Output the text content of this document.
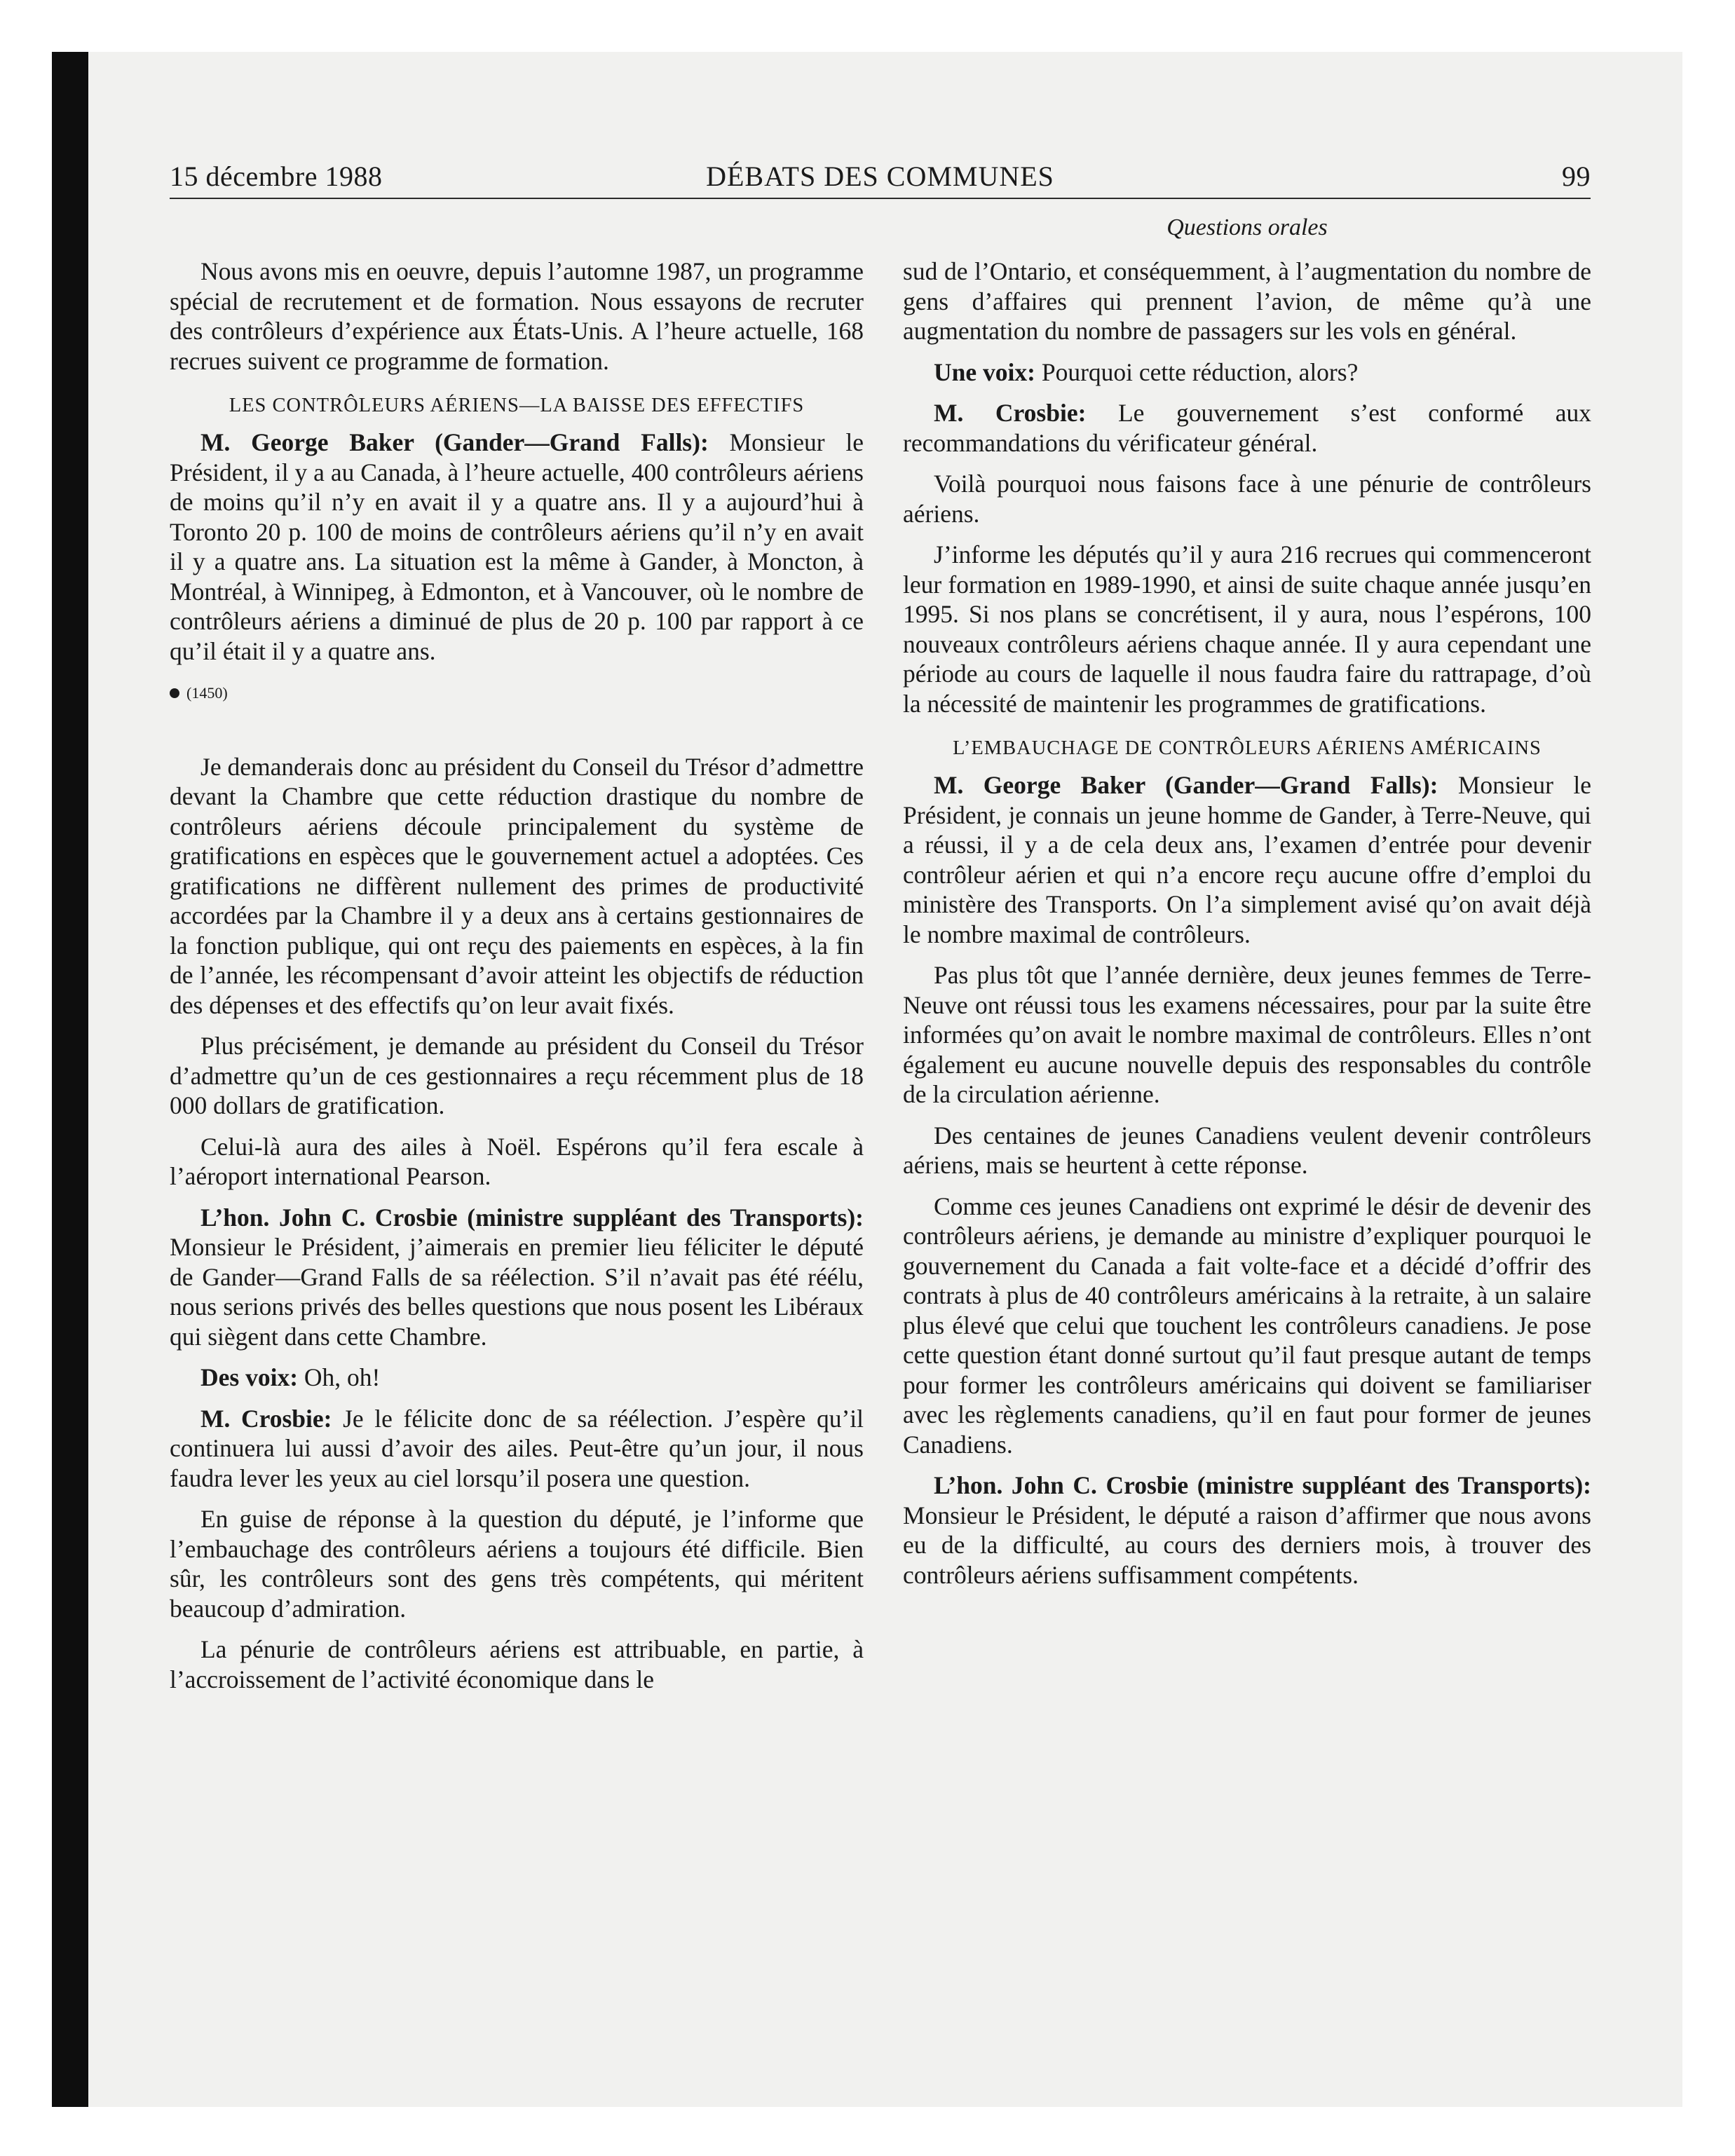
15 décembre 1988	DÉBATS DES COMMUNES	99
Questions orales

Nous avons mis en oeuvre, depuis l’automne 1987, un programme spécial de recrutement et de formation. Nous essayons de recruter des contrôleurs d’expérience aux États-Unis. A l’heure actuelle, 168 recrues suivent ce programme de formation.

LES CONTRÔLEURS AÉRIENS—LA BAISSE DES EFFECTIFS

M. George Baker (Gander—Grand Falls): Monsieur le Président, il y a au Canada, à l’heure actuelle, 400 contrôleurs aériens de moins qu’il n’y en avait il y a quatre ans. Il y a aujourd’hui à Toronto 20 p. 100 de moins de contrôleurs aériens qu’il n’y en avait il y a quatre ans. La situation est la même à Gander, à Moncton, à Montréal, à Winnipeg, à Edmonton, et à Vancouver, où le nombre de contrôleurs aériens a diminué de plus de 20 p. 100 par rapport à ce qu’il était il y a quatre ans.

(1450)

Je demanderais donc au président du Conseil du Trésor d’admettre devant la Chambre que cette réduction drastique du nombre de contrôleurs aériens découle principalement du système de gratifications en espèces que le gouvernement actuel a adoptées. Ces gratifications ne diffèrent nullement des primes de productivité accordées par la Chambre il y a deux ans à certains gestionnaires de la fonction publique, qui ont reçu des paiements en espèces, à la fin de l’année, les récompensant d’avoir atteint les objectifs de réduction des dépenses et des effectifs qu’on leur avait fixés.

Plus précisément, je demande au président du Conseil du Trésor d’admettre qu’un de ces gestionnaires a reçu récemment plus de 18 000 dollars de gratification.

Celui-là aura des ailes à Noël. Espérons qu’il fera escale à l’aéroport international Pearson.

L’hon. John C. Crosbie (ministre suppléant des Transports): Monsieur le Président, j’aimerais en premier lieu féliciter le député de Gander—Grand Falls de sa réélection. S’il n’avait pas été réélu, nous serions privés des belles questions que nous posent les Libéraux qui siègent dans cette Chambre.

Des voix: Oh, oh!

M. Crosbie: Je le félicite donc de sa réélection. J’espère qu’il continuera lui aussi d’avoir des ailes. Peut-être qu’un jour, il nous faudra lever les yeux au ciel lorsqu’il posera une question.

En guise de réponse à la question du député, je l’informe que l’embauchage des contrôleurs aériens a toujours été difficile. Bien sûr, les contrôleurs sont des gens très compétents, qui méritent beaucoup d’admiration.

La pénurie de contrôleurs aériens est attribuable, en partie, à l’accroissement de l’activité économique dans le

sud de l’Ontario, et conséquemment, à l’augmentation du nombre de gens d’affaires qui prennent l’avion, de même qu’à une augmentation du nombre de passagers sur les vols en général.

Une voix: Pourquoi cette réduction, alors?

M. Crosbie: Le gouvernement s’est conformé aux recommandations du vérificateur général.

Voilà pourquoi nous faisons face à une pénurie de contrôleurs aériens.

J’informe les députés qu’il y aura 216 recrues qui commenceront leur formation en 1989-1990, et ainsi de suite chaque année jusqu’en 1995. Si nos plans se concrétisent, il y aura, nous l’espérons, 100 nouveaux contrôleurs aériens chaque année. Il y aura cependant une période au cours de laquelle il nous faudra faire du rattrapage, d’où la nécessité de maintenir les programmes de gratifications.

L’EMBAUCHAGE DE CONTRÔLEURS AÉRIENS AMÉRICAINS

M. George Baker (Gander—Grand Falls): Monsieur le Président, je connais un jeune homme de Gander, à Terre-Neuve, qui a réussi, il y a de cela deux ans, l’examen d’entrée pour devenir contrôleur aérien et qui n’a encore reçu aucune offre d’emploi du ministère des Transports. On l’a simplement avisé qu’on avait déjà le nombre maximal de contrôleurs.

Pas plus tôt que l’année dernière, deux jeunes femmes de Terre-Neuve ont réussi tous les examens nécessaires, pour par la suite être informées qu’on avait le nombre maximal de contrôleurs. Elles n’ont également eu aucune nouvelle depuis des responsables du contrôle de la circulation aérienne.

Des centaines de jeunes Canadiens veulent devenir contrôleurs aériens, mais se heurtent à cette réponse.

Comme ces jeunes Canadiens ont exprimé le désir de devenir des contrôleurs aériens, je demande au ministre d’expliquer pourquoi le gouvernement du Canada a fait volte-face et a décidé d’offrir des contrats à plus de 40 contrôleurs américains à la retraite, à un salaire plus élevé que celui que touchent les contrôleurs canadiens. Je pose cette question étant donné surtout qu’il faut presque autant de temps pour former les contrôleurs américains qui doivent se familiariser avec les règlements canadiens, qu’il en faut pour former de jeunes Canadiens.

L’hon. John C. Crosbie (ministre suppléant des Transports): Monsieur le Président, le député a raison d’affirmer que nous avons eu de la difficulté, au cours des derniers mois, à trouver des contrôleurs aériens suffisamment compétents.
